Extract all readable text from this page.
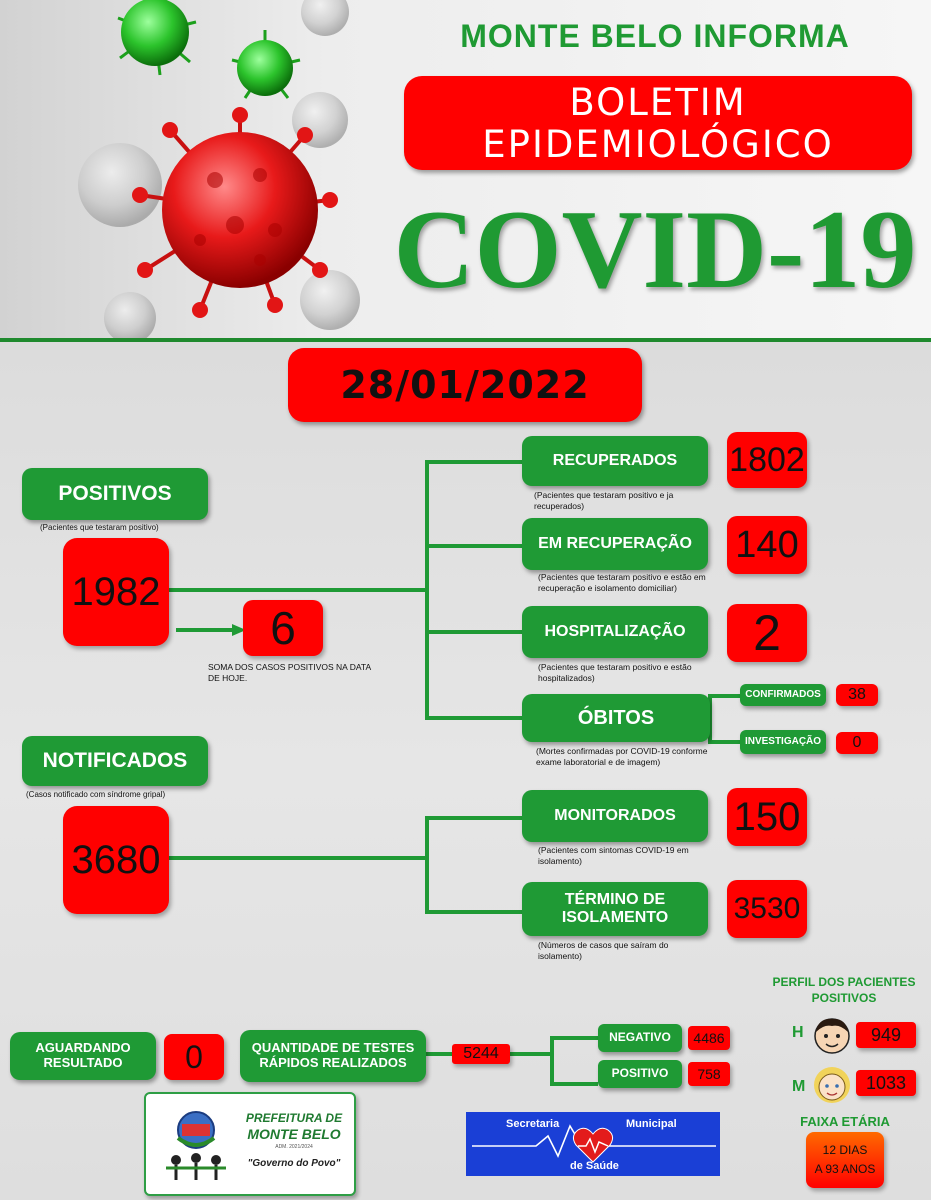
MONTE BELO INFORMA
BOLETIM
EPIDEMIOLÓGICO
COVID-19
28/01/2022
POSITIVOS
(Pacientes que testaram positivo)
1982
6
SOMA DOS CASOS POSITIVOS NA DATA DE HOJE.
RECUPERADOS	1802
(Pacientes que testaram positivo e ja recuperados)
EM RECUPERAÇÃO	140
(Pacientes que testaram positivo e estão em recuperação e isolamento domiciliar)
HOSPITALIZAÇÃO	2
(Pacientes que testaram positivo e estão hospitalizados)
ÓBITOS
(Mortes confirmadas por COVID-19 conforme exame laboratorial e de imagem)
CONFIRMADOS	38
INVESTIGAÇÃO	0
NOTIFICADOS
(Casos notificado com síndrome gripal)
3680
MONITORADOS	150
(Pacientes com sintomas COVID-19 em isolamento)
TÉRMINO DE
ISOLAMENTO 3530
(Números de casos que saíram do isolamento)
AGUARDANDO
RESULTADO	0	QUANTIDADE DE TESTES
RÁPIDOS REALIZADOS
5244
NEGATIVO	4486
POSITIVO	758
PERFIL DOS PACIENTES
POSITIVOS
H	949
M	1033
FAIXA ETÁRIA
12 DIAS
A 93 ANOS
PREFEITURA DE
MONTE BELO
ADM. 2021/2024
"Governo do Povo"
Secretaria	Municipal
de Saúde
